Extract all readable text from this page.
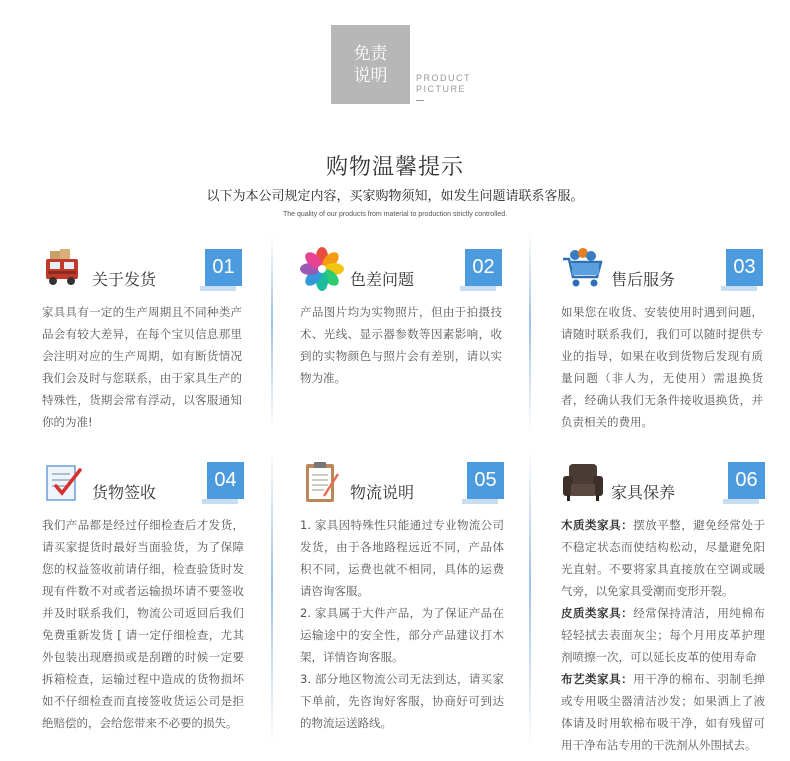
免责
说明	PRODUCT
PICTURE
购物温馨提示
以下为本公司规定内容，买家购物须知，如发生问题请联系客服。
The quality of our products from material to production strictly controlled.
关于发货
01

家具具有一定的生产周期且不同种类产品会有较大差异，在每个宝贝信息那里会注明对应的生产周期，如有断货情况我们会及时与您联系，由于家具生产的特殊性，货期会常有浮动，以客服通知你的为准!

色差问题
02

产品图片均为实物照片，但由于拍摄技术、光线、显示器参数等因素影响，收到的实物颜色与照片会有差别，请以实物为准。

售后服务
03

如果您在收货、安装使用时遇到问题，请随时联系我们，我们可以随时提供专业的指导，如果在收到货物后发现有质量问题（非人为，无使用）需退换货者，经确认我们无条件接收退换货，并负责相关的费用。

货物签收
04

我们产品都是经过仔细检查后才发货，请买家提货时最好当面验货，为了保障您的权益签收前请仔细，检查验货时发现有件数不对或者运输损坏请不要签收并及时联系我们，物流公司返回后我们免费重新发货 [ 请一定仔细检查，尤其外包装出现磨损或是刮蹭的时候一定要拆箱检查，运输过程中造成的货物损坏如不仔细检查而直接签收货运公司是拒绝赔偿的，会给您带来不必要的损失。

物流说明
05

1. 家具因特殊性只能通过专业物流公司发货，由于各地路程远近不同，产品体积不同，运费也就不相同，具体的运费请咨询客服。

2. 家具属于大件产品，为了保证产品在运输途中的安全性，部分产品建议打木架，详情咨询客服。

3. 部分地区物流公司无法到达，请买家下单前，先咨询好客服，协商好可到达的物流运送路线。

家具保养
06

木质类家具：摆放平整，避免经常处于不稳定状态而使结构松动，尽量避免阳光直射。不要将家具直接放在空调或暖气旁，以免家具受潮而变形开裂。

皮质类家具：经常保持清洁，用纯棉布轻轻拭去表面灰尘；每个月用皮革护理剂喷擦一次，可以延长皮革的使用寿命

布艺类家具：用干净的棉布、羽制毛掸或专用吸尘器清洁沙发；如果洒上了液体请及时用软棉布吸干净，如有残留可用干净布沾专用的干洗剂从外围拭去。
